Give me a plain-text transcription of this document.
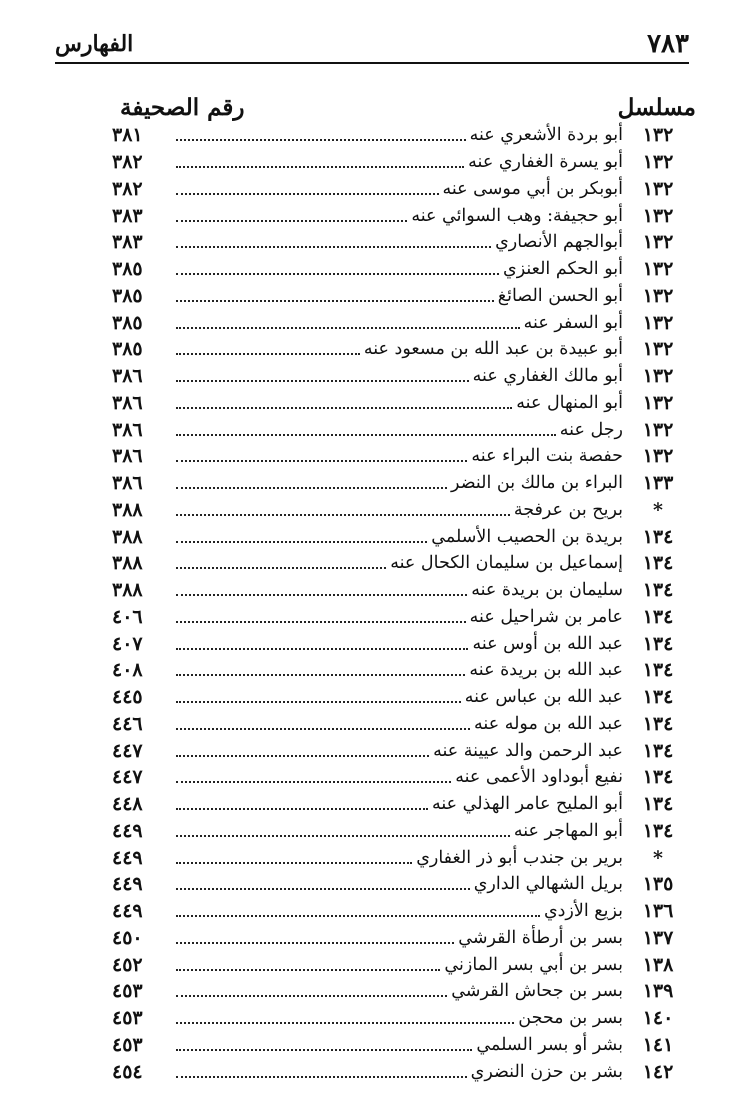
٧٨٣
الفهارس
مسلسل
رقم الصحيفة
١٣٢
أبو بردة الأشعري عنه
٣٨١
١٣٢
أبو يسرة الغفاري عنه
٣٨٢
١٣٢
أبوبكر بن أبي موسى عنه
٣٨٢
١٣٢
أبو حجيفة: وهب السوائي عنه
٣٨٣
١٣٢
أبوالجهم الأنصاري
٣٨٣
١٣٢
أبو الحكم العنزي
٣٨٥
١٣٢
أبو الحسن الصائغ
٣٨٥
١٣٢
أبو السفر عنه
٣٨٥
١٣٢
أبو عبيدة بن عبد الله بن مسعود عنه
٣٨٥
١٣٢
أبو مالك الغفاري عنه
٣٨٦
١٣٢
أبو المنهال عنه
٣٨٦
١٣٢
رجل عنه
٣٨٦
١٣٢
حفصة بنت البراء عنه
٣٨٦
١٣٣
البراء بن مالك بن النضر
٣٨٦
*
بريح بن عرفجة
٣٨٨
١٣٤
بريدة بن الحصيب الأسلمي
٣٨٨
١٣٤
إسماعيل بن سليمان الكحال عنه
٣٨٨
١٣٤
سليمان بن بريدة عنه
٣٨٨
١٣٤
عامر بن شراحيل عنه
٤٠٦
١٣٤
عبد الله بن أوس عنه
٤٠٧
١٣٤
عبد الله بن بريدة عنه
٤٠٨
١٣٤
عبد الله بن عباس عنه
٤٤٥
١٣٤
عبد الله بن موله عنه
٤٤٦
١٣٤
عبد الرحمن والد عيينة عنه
٤٤٧
١٣٤
نفيع أبوداود الأعمى عنه
٤٤٧
١٣٤
أبو المليح عامر الهذلي عنه
٤٤٨
١٣٤
أبو المهاجر عنه
٤٤٩
*
برير بن جندب أبو ذر الغفاري
٤٤٩
١٣٥
بريل الشهالي الداري
٤٤٩
١٣٦
بزيع الأزدي
٤٤٩
١٣٧
بسر بن أرطأة القرشي
٤٥٠
١٣٨
بسر بن أبي بسر المازني
٤٥٢
١٣٩
بسر بن جحاش القرشي
٤٥٣
١٤٠
بسر بن محجن
٤٥٣
١٤١
بشر أو بسر السلمي
٤٥٣
١٤٢
بشر بن حزن النضري
٤٥٤
